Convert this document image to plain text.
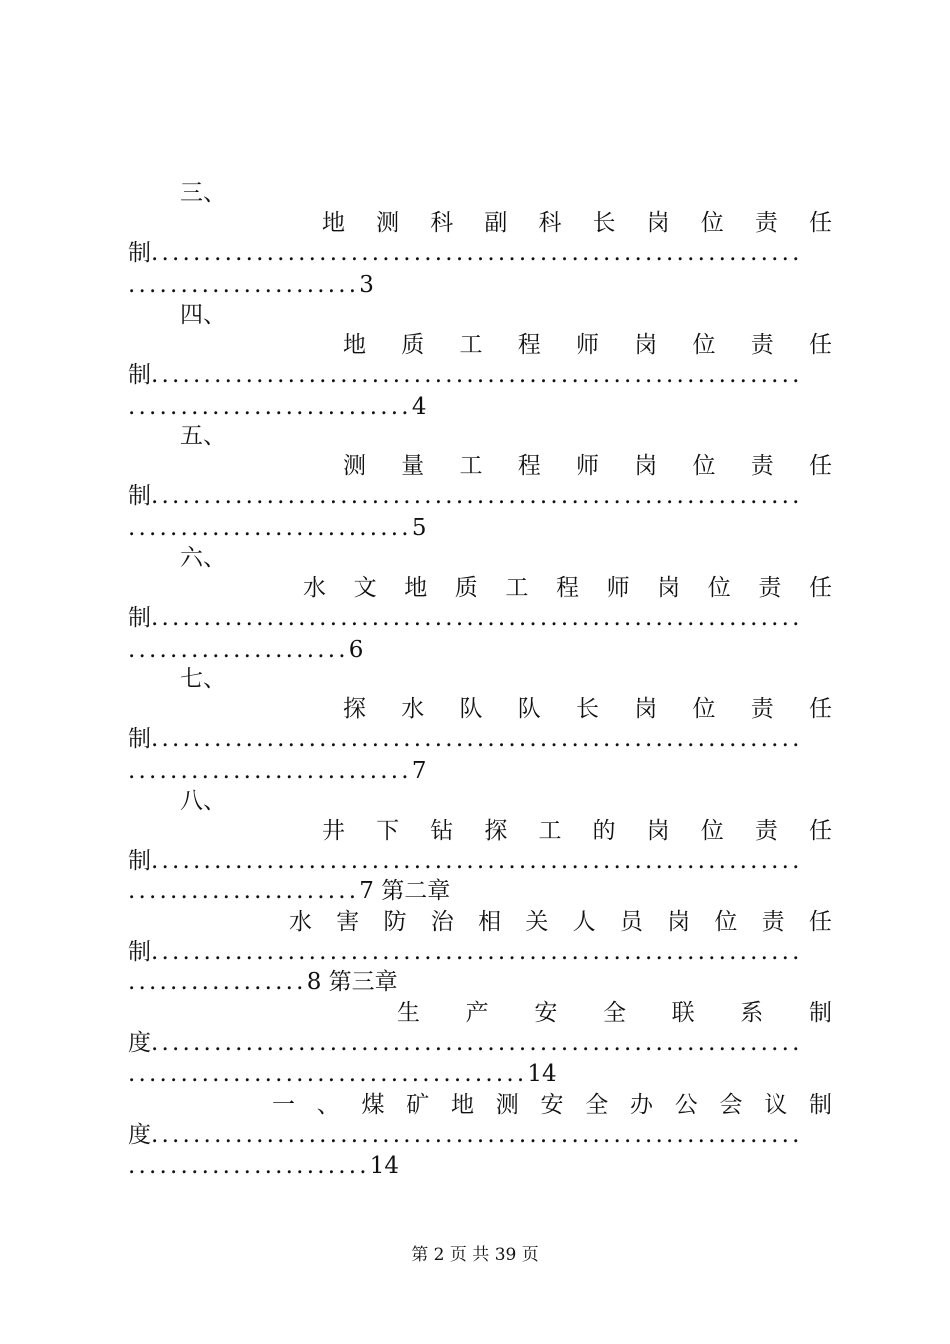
三、
地 测 科 副 科 长 岗 位 责 任
制..............................................................
......................3
四、
地 质 工 程 师 岗 位 责 任
制..............................................................
...........................4
五、
测 量 工 程 师 岗 位 责 任
制..............................................................
...........................5
六、
水 文 地 质 工 程 师 岗 位 责 任
制..............................................................
.....................6
七、
探 水 队 队 长 岗 位 责 任
制..............................................................
...........................7
八、
井 下 钻 探 工 的 岗 位 责 任
制..............................................................
......................7 第二章
水 害 防 治 相 关 人 员 岗 位 责 任
制..............................................................
.................8 第三章
生 产 安 全 联 系 制
度..............................................................
......................................14
一 、 煤 矿 地 测 安 全 办 公 会 议 制
度..............................................................
.......................14
第 2 页 共 39 页
